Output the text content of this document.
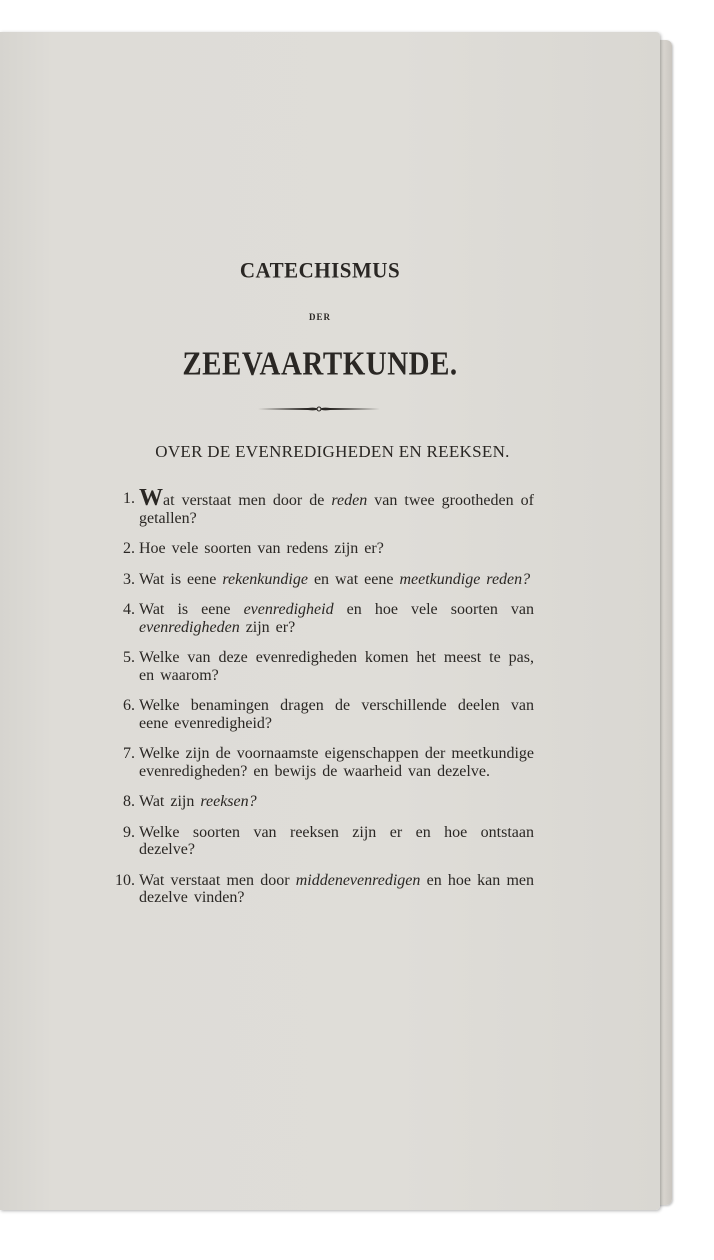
CATECHISMUS
DER
ZEEVAARTKUNDE.
OVER DE EVENREDIGHEDEN EN REEKSEN.
1. Wat verstaat men door de reden van twee grootheden of getallen?
2. Hoe vele soorten van redens zijn er?
3. Wat is eene rekenkundige en wat eene meetkundige reden?
4. Wat is eene evenredigheid en hoe vele soorten van evenredigheden zijn er?
5. Welke van deze evenredigheden komen het meest te pas, en waarom?
6. Welke benamingen dragen de verschillende deelen van eene evenredigheid?
7. Welke zijn de voornaamste eigenschappen der meetkundige evenredigheden? en bewijs de waarheid van dezelve.
8. Wat zijn reeksen?
9. Welke soorten van reeksen zijn er en hoe ontstaan dezelve?
10. Wat verstaat men door middenevenredigen en hoe kan men dezelve vinden?
